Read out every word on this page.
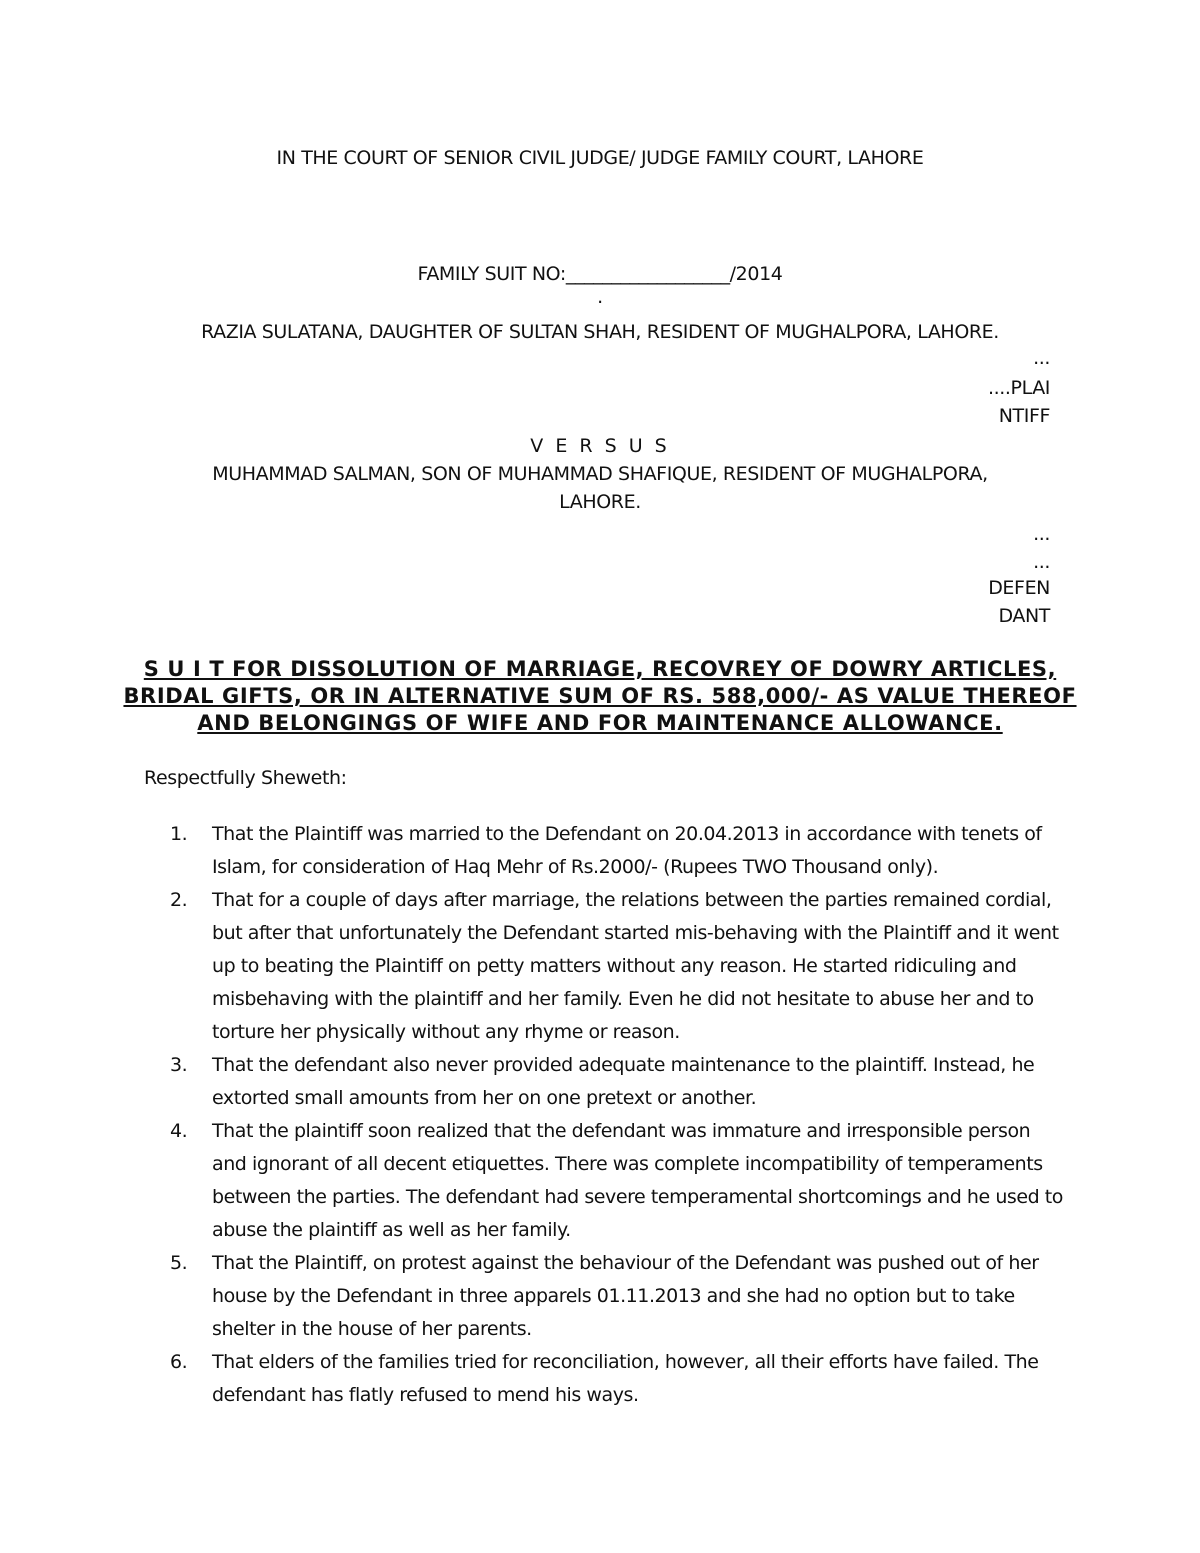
IN THE COURT OF SENIOR CIVIL JUDGE/ JUDGE FAMILY COURT, LAHORE
FAMILY SUIT NO:__________________/2014
.
RAZIA SULATANA, DAUGHTER OF SULTAN SHAH, RESIDENT OF MUGHALPORA, LAHORE.
...
....PLAI
NTIFF
V E R S U S
MUHAMMAD SALMAN, SON OF MUHAMMAD SHAFIQUE, RESIDENT OF MUGHALPORA,
LAHORE.
...
...
DEFEN
DANT
S U I T FOR DISSOLUTION OF MARRIAGE, RECOVREY OF DOWRY ARTICLES, BRIDAL GIFTS, OR IN ALTERNATIVE SUM OF RS. 588,000/- AS VALUE THEREOF AND BELONGINGS OF WIFE AND FOR MAINTENANCE ALLOWANCE.
Respectfully Sheweth:
1.	That the Plaintiff was married to the Defendant on 20.04.2013 in accordance with tenets of Islam, for consideration of Haq Mehr of Rs.2000/- (Rupees TWO Thousand only).
2.	That for a couple of days after marriage, the relations between the parties remained cordial, but after that unfortunately the Defendant started mis-behaving with the Plaintiff and it went up to beating the Plaintiff on petty matters without any reason. He started ridiculing and misbehaving with the plaintiff and her family. Even he did not hesitate to abuse her and to torture her physically without any rhyme or reason.
3.	That the defendant also never provided adequate maintenance to the plaintiff. Instead, he extorted small amounts from her on one pretext or another.
4.	That the plaintiff soon realized that the defendant was immature and irresponsible person and ignorant of all decent etiquettes. There was complete incompatibility of temperaments between the parties. The defendant had severe temperamental shortcomings and he used to abuse the plaintiff as well as her family.
5.	That the Plaintiff, on protest against the behaviour of the Defendant was pushed out of her house by the Defendant in three apparels 01.11.2013 and she had no option but to take shelter in the house of her parents.
6.	That elders of the families tried for reconciliation, however, all their efforts have failed. The defendant has flatly refused to mend his ways.
